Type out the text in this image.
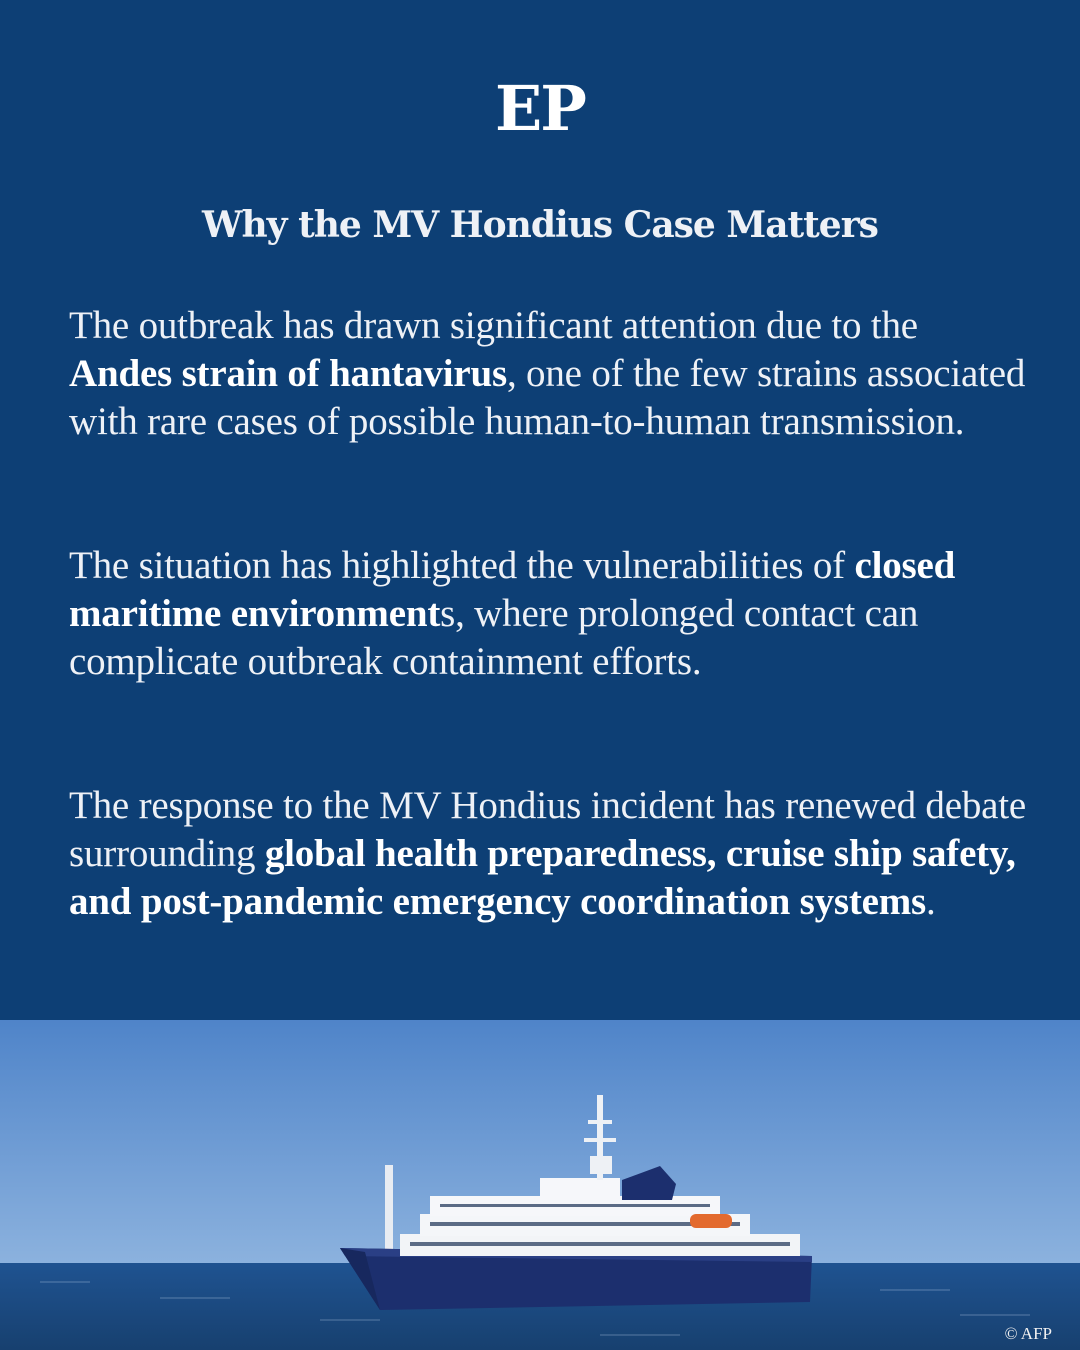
EP
Why the MV Hondius Case Matters
The outbreak has drawn significant attention due to the Andes strain of hantavirus, one of the few strains associated with rare cases of possible human-to-human transmission.
The situation has highlighted the vulnerabilities of closed maritime environments, where prolonged contact can complicate outbreak containment efforts.
The response to the MV Hondius incident has renewed debate surrounding global health preparedness, cruise ship safety, and post-pandemic emergency coordination systems.
© AFP
